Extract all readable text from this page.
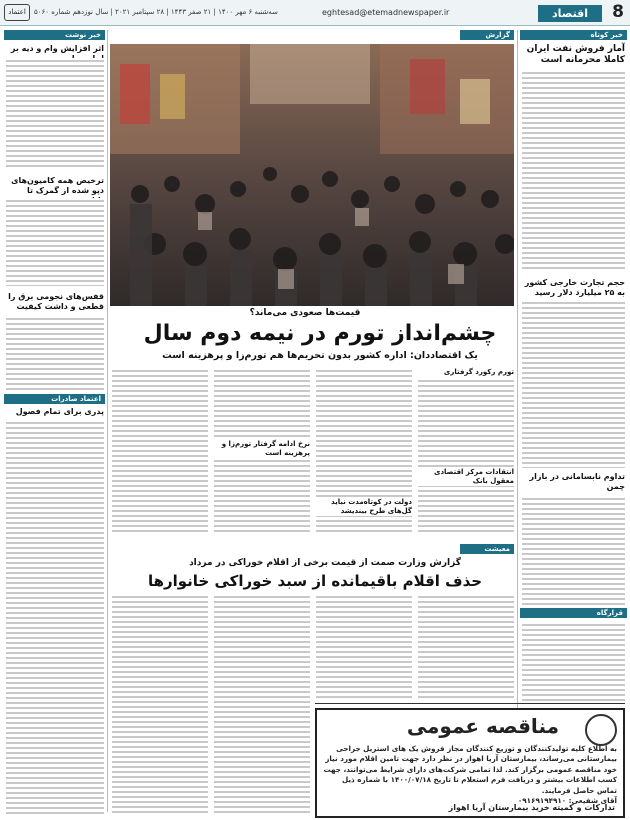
8
اقتصاد
eghtesad@etemadnewspaper.ir
سه‌شنبه ۶ مهر ۱۴۰۰ | ۲۱ صفر ۱۴۴۳ | ۲۸ سپتامبر ۲۰۲۱ | سال نوزدهم شماره ۵۰۶۰
اعتماد
خبر کوتاه
آمار فروش نفت ایران کاملا محرمانه است
حجم تجارت خارجی کشور به ۲۵ میلیارد دلار رسید
تداوم نابسامانی در بازار چمن
قرارگاه
خبر نوشت
اثر افزایش وام و دیه بر
ترخیص همه کامیون‌های دپو شده از گمرک تا
قفس‌های نجومی برق را قطعی و داشت کیفیت
اعتماد صادرات
پدری برای تمام فصول
گزارش
قیمت‌ها صعودی می‌ماند؟
چشم‌انداز تورم در نیمه دوم سال
یک اقتصاددان: اداره کشور بدون تحریم‌ها هم تورم‌زا و پرهزینه است
تورم رکورد گرفتاری
انتقادات مرکز اقتصادی معقول بانک
دولت در کوتاه‌مدت نباید گل‌های طرح بیندیشد
نرخ ادامه گرفتار تورم‌زا و پرهزینه است
معیشت
گزارش وزارت صمت از قیمت برخی از اقلام خوراکی در مرداد
حذف اقلام باقیمانده از سبد خوراکی خانوارها
مناقصه عمومی
به اطلاع کلیه تولیدکنندگان و توزیع کنندگان مجاز فروش یک های استریل جراحی بیمارستانی می‌رساند، بیمارستان آریا اهواز در نظر دارد جهت تامین اقلام مورد نیاز خود مناقصه عمومی برگزار کند. لذا تمامی شرکت‌های دارای شرایط می‌توانند، جهت کسب اطلاعات بیشتر و دریافت فرم استعلام تا تاریخ ۱۴۰۰/۰۷/۱۸ با شماره ذیل تماس حاصل فرمایند.
آقای شفیعی: ۰۹۱۶۹۱۹۴۹۱۰
تدارکات و کمیته خرید بیمارستان آریا اهواز
